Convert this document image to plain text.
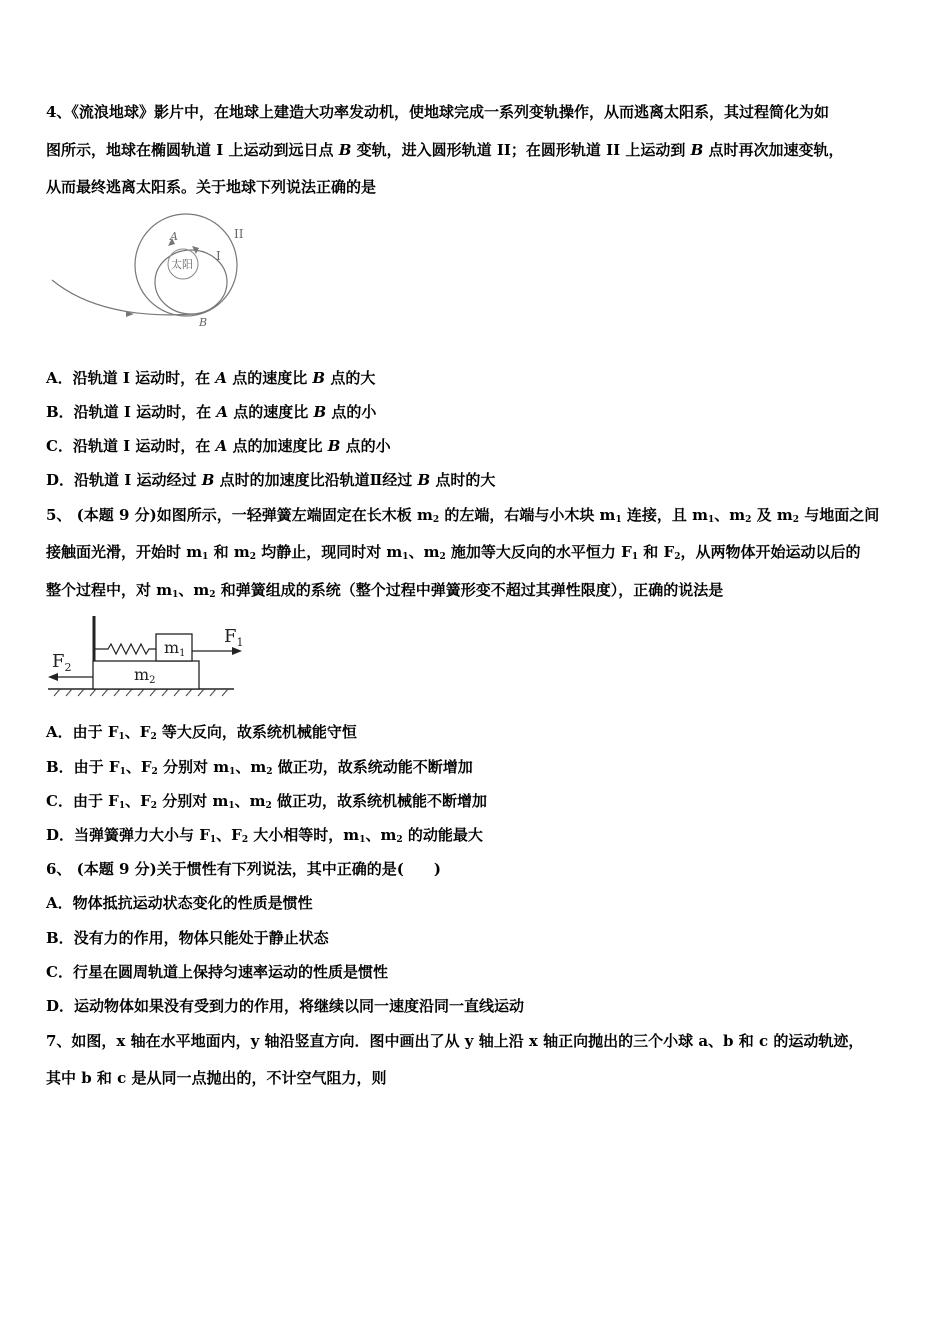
4、《流浪地球》影片中，在地球上建造大功率发动机，使地球完成一系列变轨操作，从而逃离太阳系，其过程简化为如
图所示，地球在椭圆轨道 I 上运动到远日点 B 变轨，进入圆形轨道 II；在圆形轨道 II 上运动到 B 点时再次加速变轨，
从而最终逃离太阳系。关于地球下列说法正确的是
太阳
A
I
II
B
A．沿轨道 I 运动时，在 A 点的速度比 B 点的大
B．沿轨道 I 运动时，在 A 点的速度比 B 点的小
C．沿轨道 I 运动时，在 A 点的加速度比 B 点的小
D．沿轨道 I 运动经过 B 点时的加速度比沿轨道Ⅱ经过 B 点时的大
5、 (本题 9 分)如图所示，一轻弹簧左端固定在长木板 $m_2$ 的左端，右端与小木块 $m_1$ 连接，且 $m_1$、$m_2$ 及 $m_2$ 与地面之间
接触面光滑，开始时 $m_1$ 和 $m_2$ 均静止，现同时对 $m_1$、$m_2$ 施加等大反向的水平恒力 $F_1$ 和 $F_2$，从两物体开始运动以后的
整个过程中，对 $m_1$、$m_2$ 和弹簧组成的系统（整个过程中弹簧形变不超过其弹性限度），正确的说法是
$F_1$
$F_2$
m1
m2
A．由于 $F_1$、$F_2$ 等大反向，故系统机械能守恒
B．由于 $F_1$、$F_2$ 分别对 $m_1$、$m_2$ 做正功，故系统动能不断增加
C．由于 $F_1$、$F_2$ 分别对 $m_1$、$m_2$ 做正功，故系统机械能不断增加
D．当弹簧弹力大小与 $F_1$、$F_2$ 大小相等时，$m_1$、$m_2$ 的动能最大
6、 (本题 9 分)关于惯性有下列说法，其中正确的是(　　)
A．物体抵抗运动状态变化的性质是惯性
B．没有力的作用，物体只能处于静止状态
C．行星在圆周轨道上保持匀速率运动的性质是惯性
D．运动物体如果没有受到力的作用，将继续以同一速度沿同一直线运动
7、如图，x 轴在水平地面内，y 轴沿竖直方向．图中画出了从 y 轴上沿 x 轴正向抛出的三个小球 a、b 和 c 的运动轨迹，
其中 b 和 c 是从同一点抛出的，不计空气阻力，则
